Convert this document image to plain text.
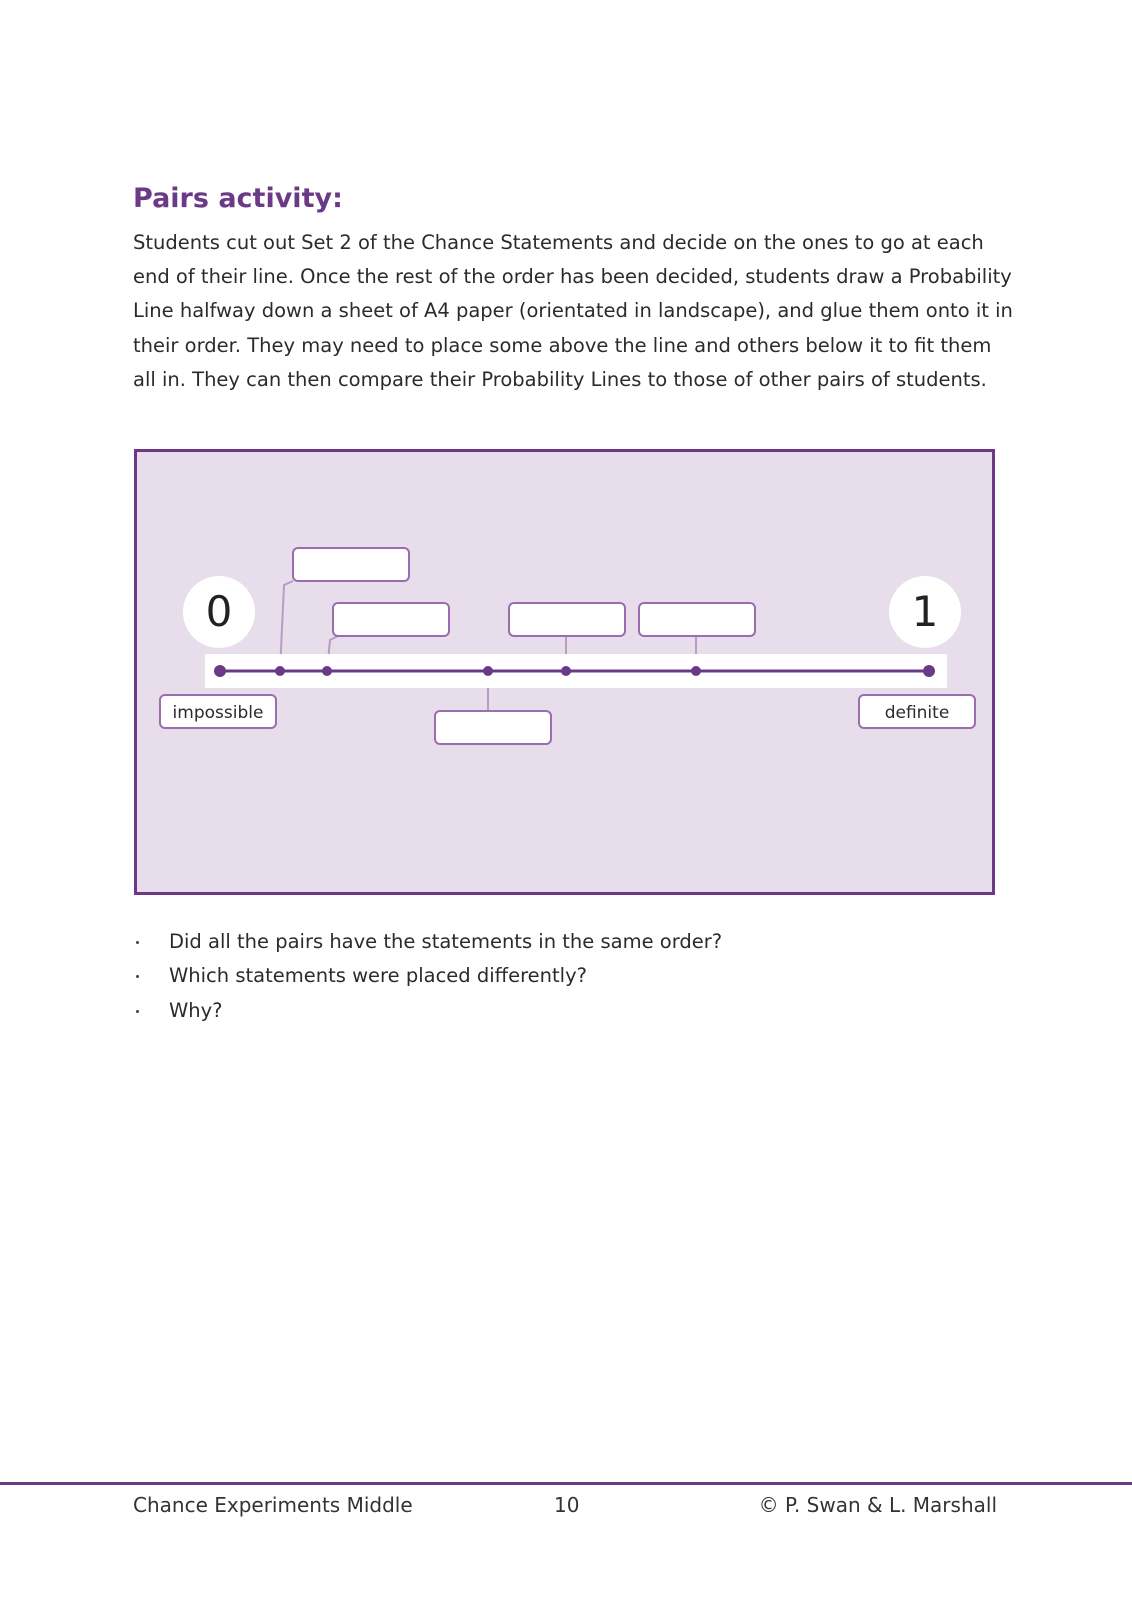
Pairs activity:

Students cut out Set 2 of the Chance Statements and decide on the ones to go at each end of their line. Once the rest of the order has been decided, students draw a Probability Line halfway down a sheet of A4 paper (orientated in landscape), and glue them onto it in their order. They may need to place some above the line and others below it to fit them all in. They can then compare their Probability Lines to those of other pairs of students.

0	1
impossible	definite
Did all the pairs have the statements in the same order?
Which statements were placed differently?
Why?
Chance Experiments Middle	10	© P. Swan & L. Marshall
